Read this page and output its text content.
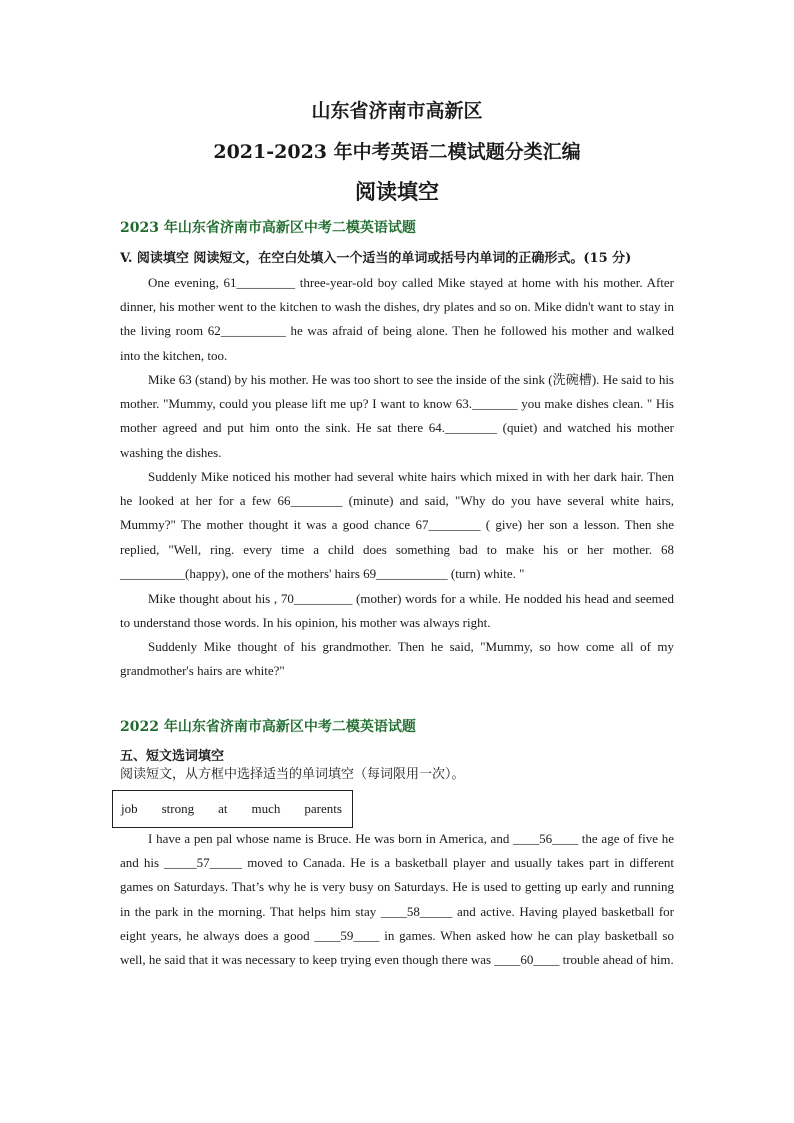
山东省济南市高新区
2021-2023 年中考英语二模试题分类汇编
阅读填空
2023 年山东省济南市高新区中考二模英语试题
V. 阅读填空 阅读短文，在空白处填入一个适当的单词或括号内单词的正确形式。(15 分)

One evening, 61_________ three-year-old boy called Mike stayed at home with his mother. After dinner, his mother went to the kitchen to wash the dishes, dry plates and so on. Mike didn't want to stay in the living room 62__________ he was afraid of being alone. Then he followed his mother and walked into the kitchen, too.

Mike 63 (stand) by his mother. He was too short to see the inside of the sink (洗碗槽). He said to his mother. "Mummy, could you please lift me up? I want to know 63._______ you make dishes clean. " His mother agreed and put him onto the sink. He sat there 64.________ (quiet) and watched his mother washing the dishes.

Suddenly Mike noticed his mother had several white hairs which mixed in with her dark hair. Then he looked at her for a few 66________ (minute) and said, "Why do you have several white hairs, Mummy?" The mother thought it was a good chance 67________ ( give) her son a lesson. Then she replied, "Well, ring. every time a child does something bad to make his or her mother. 68 __________(happy), one of the mothers' hairs 69___________ (turn) white. "

Mike thought about his , 70_________ (mother) words for a while. He nodded his head and seemed to understand those words. In his opinion, his mother was always right.

Suddenly Mike thought of his grandmother. Then he said, "Mummy, so how come all of my grandmother's hairs are white?"

2022 年山东省济南市高新区中考二模英语试题
五、短文选词填空
阅读短文，从方框中选择适当的单词填空（每词限用一次）。
job strong at much parents

I have a pen pal whose name is Bruce. He was born in America, and ____56____ the age of five he and his _____57_____ moved to Canada. He is a basketball player and usually takes part in different games on Saturdays. That’s why he is very busy on Saturdays. He is used to getting up early and running in the park in the morning. That helps him stay ____58_____ and active. Having played basketball for eight years, he always does a good ____59____ in games. When asked how he can play basketball so well, he said that it was necessary to keep trying even though there was ____60____ trouble ahead of him.
